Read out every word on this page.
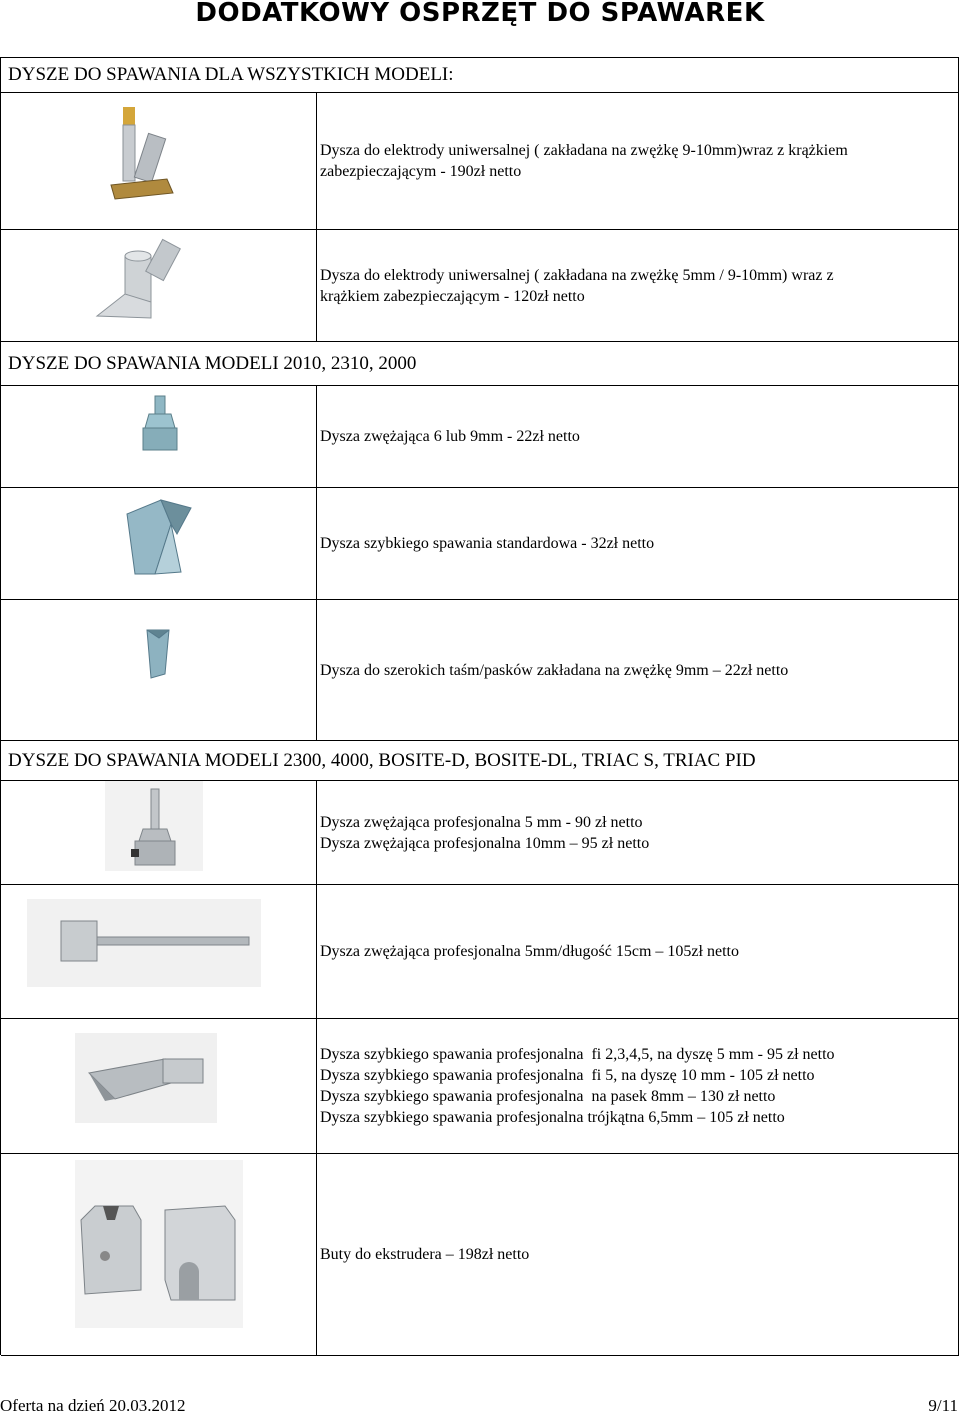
DODATKOWY OSPRZĘT DO SPAWAREK
DYSZE DO SPAWANIA DLA WSZYSTKICH MODELI:
Dysza do elektrody uniwersalnej ( zakładana na zwężkę 9-10mm)wraz z krążkiem
zabezpieczającym - 190zł netto
Dysza do elektrody uniwersalnej ( zakładana na zwężkę 5mm / 9-10mm) wraz z
krążkiem zabezpieczającym - 120zł netto
DYSZE DO SPAWANIA MODELI 2010, 2310, 2000
Dysza zwężająca 6 lub 9mm - 22zł netto
Dysza szybkiego spawania standardowa - 32zł netto
Dysza do szerokich taśm/pasków zakładana na zwężkę 9mm – 22zł netto
DYSZE DO SPAWANIA MODELI 2300, 4000, BOSITE-D, BOSITE-DL, TRIAC S, TRIAC PID
Dysza zwężająca profesjonalna 5 mm - 90 zł netto
Dysza zwężająca profesjonalna 10mm – 95 zł netto
Dysza zwężająca profesjonalna 5mm/długość 15cm – 105zł netto
Dysza szybkiego spawania profesjonalna  fi 2,3,4,5, na dyszę 5 mm - 95 zł netto
Dysza szybkiego spawania profesjonalna  fi 5, na dyszę 10 mm - 105 zł netto
Dysza szybkiego spawania profesjonalna  na pasek 8mm – 130 zł netto
Dysza szybkiego spawania profesjonalna trójkątna 6,5mm – 105 zł netto
Buty do ekstrudera – 198zł netto
Oferta na dzień 20.03.2012	9/11
